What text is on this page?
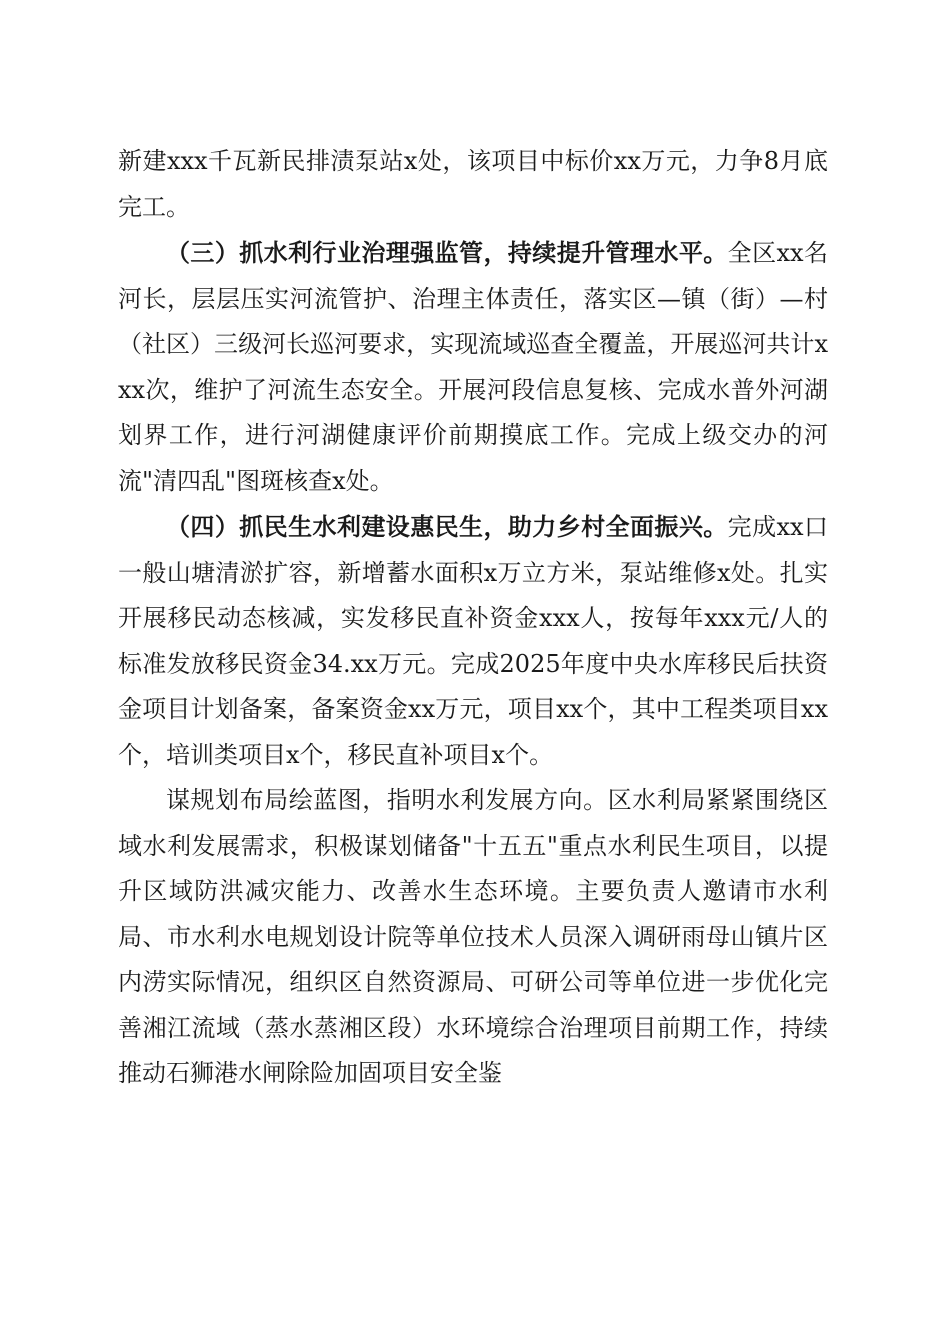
新建xxx千瓦新民排渍泵站x处，该项目中标价xx万元，力争8月底完工。

（三）抓水利行业治理强监管，持续提升管理水平。全区xx名河长，层层压实河流管护、治理主体责任，落实区—镇（街）—村（社区）三级河长巡河要求，实现流域巡查全覆盖，开展巡河共计xxx次，维护了河流生态安全。开展河段信息复核、完成水普外河湖划界工作，进行河湖健康评价前期摸底工作。完成上级交办的河流"清四乱"图斑核查x处。

（四）抓民生水利建设惠民生，助力乡村全面振兴。完成xx口一般山塘清淤扩容，新增蓄水面积x万立方米，泵站维修x处。扎实开展移民动态核减，实发移民直补资金xxx人，按每年xxx元/人的标准发放移民资金34.xx万元。完成2025年度中央水库移民后扶资金项目计划备案，备案资金xx万元，项目xx个，其中工程类项目xx个，培训类项目x个，移民直补项目x个。

谋规划布局绘蓝图，指明水利发展方向。区水利局紧紧围绕区域水利发展需求，积极谋划储备"十五五"重点水利民生项目，以提升区域防洪减灾能力、改善水生态环境。主要负责人邀请市水利局、市水利水电规划设计院等单位技术人员深入调研雨母山镇片区内涝实际情况，组织区自然资源局、可研公司等单位进一步优化完善湘江流域（蒸水蒸湘区段）水环境综合治理项目前期工作，持续推动石狮港水闸除险加固项目安全鉴
